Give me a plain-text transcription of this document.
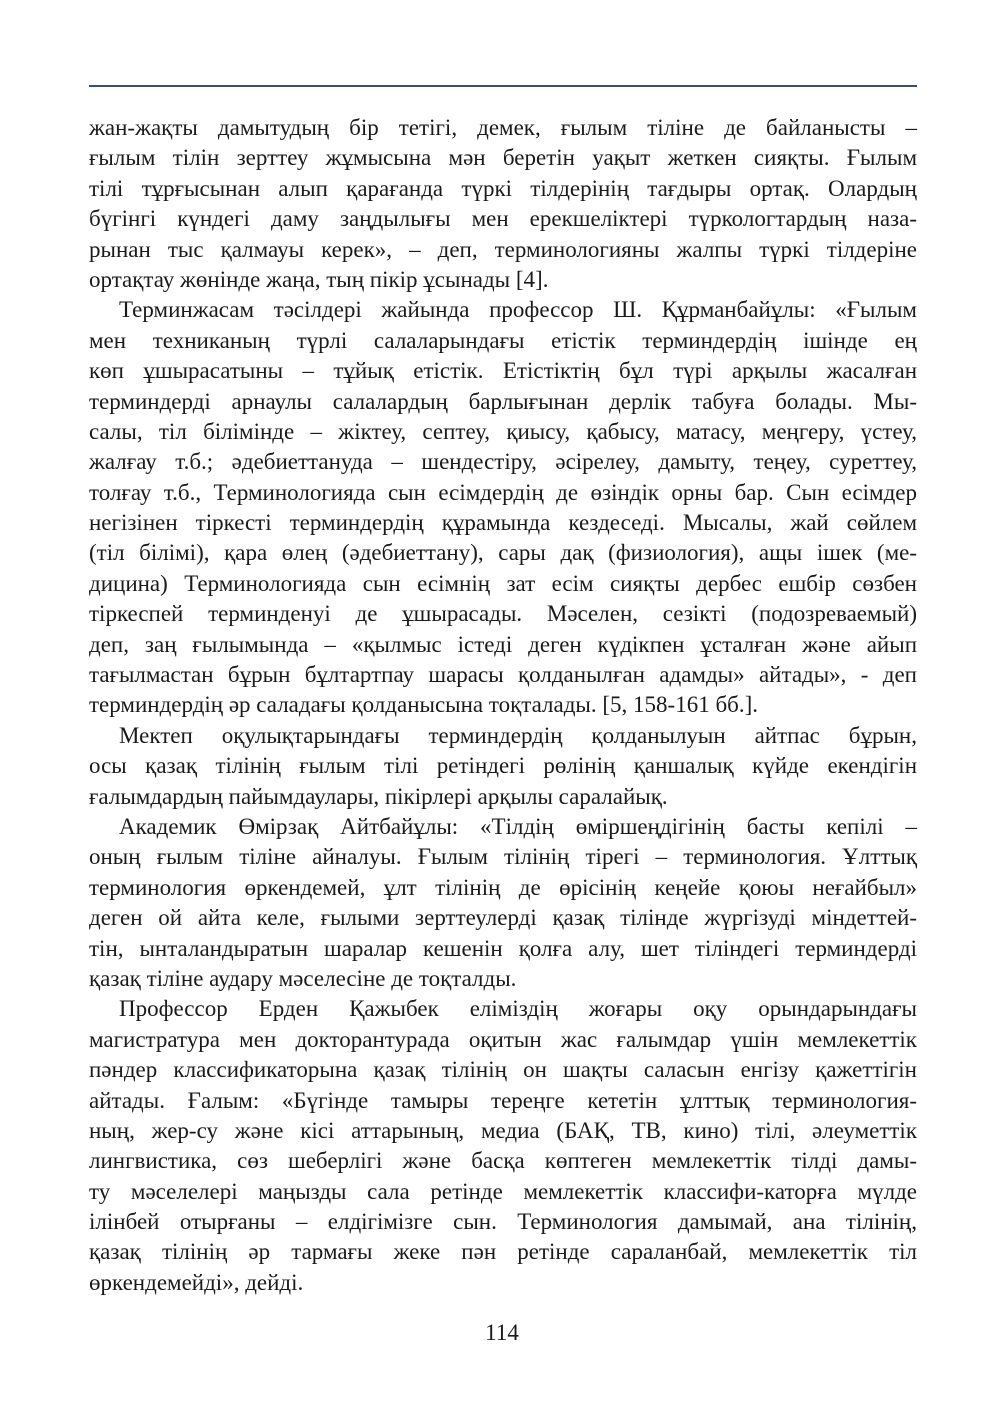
жан-жақты дамытудың бір тетігі, демек, ғылым тіліне де байланысты –
ғылым тілін зерттеу жұмысына мән беретін уақыт жеткен сияқты. Ғылым
тілі тұрғысынан алып қарағанда түркі тілдерінің тағдыры ортақ. Олардың
бүгінгі күндегі даму заңдылығы мен ерекшеліктері түркологтардың наза-
рынан тыс қалмауы керек», – деп, терминологияны жалпы түркі тілдеріне
ортақтау жөнінде жаңа, тың пікір ұсынады [4].
Терминжасам тәсілдері жайында профессор Ш. Құрманбайұлы: «Ғылым
мен техниканың түрлі салаларындағы етістік терминдердің ішінде ең
көп ұшырасатыны – тұйық етістік. Етістіктің бұл түрі арқылы жасалған
терминдерді арнаулы салалардың барлығынан дерлік табуға болады. Мы-
салы, тіл білімінде – жіктеу, септеу, қиысу, қабысу, матасу, меңгеру, үстеу,
жалғау т.б.; әдебиеттануда – шендестіру, әсірелеу, дамыту, теңеу, суреттеу,
толғау т.б., Терминологияда сын есімдердің де өзіндік орны бар. Сын есімдер
негізінен тіркесті терминдердің құрамында кездеседі. Мысалы, жай сөйлем
(тіл білімі), қара өлең (әдебиеттану), сары дақ (физиология), ащы ішек (ме-
дицина) Терминологияда сын есімнің зат есім сияқты дербес ешбір сөзбен
тіркеспей терминденуі де ұшырасады. Мәселен, сезікті (подозреваемый)
деп, заң ғылымында – «қылмыс істеді деген күдікпен ұсталған және айып
тағылмастан бұрын бұлтартпау шарасы қолданылған адамды» айтады», - деп
терминдердің әр саладағы қолданысына тоқталады. [5, 158-161 бб.].
Мектеп оқулықтарындағы терминдердің қолданылуын айтпас бұрын,
осы қазақ тілінің ғылым тілі ретіндегі рөлінің қаншалық күйде екендігін
ғалымдардың пайымдаулары, пікірлері арқылы саралайық.
Академик Өмірзақ Айтбайұлы: «Тілдің өміршеңдігінің басты кепілі –
оның ғылым тіліне айналуы. Ғылым тілінің тірегі – терминология. Ұлттық
терминология өркендемей, ұлт тілінің де өрісінің кеңейе қоюы неғайбыл»
деген ой айта келе, ғылыми зерттеулерді қазақ тілінде жүргізуді міндеттей-
тін, ынталандыратын шаралар кешенін қолға алу, шет тіліндегі терминдерді
қазақ тіліне аудару мәселесіне де тоқталды.
Профессор Ерден Қажыбек еліміздің жоғары оқу орындарындағы
магистратура мен докторантурада оқитын жас ғалымдар үшін мемлекеттік
пәндер классификаторына қазақ тілінің он шақты саласын енгізу қажеттігін
айтады. Ғалым: «Бүгінде тамыры тереңге кететін ұлттық терминология-
ның, жер-су және кісі аттарының, медиа (БАҚ, ТВ, кино) тілі, әлеуметтік
лингвистика, сөз шеберлігі және басқа көптеген мемлекеттік тілді дамы-
ту мәселелері маңызды сала ретінде мемлекеттік классифи-каторға мүлде
ілінбей отырғаны – елдігімізге сын. Терминология дамымай, ана тілінің,
қазақ тілінің әр тармағы жеке пән ретінде сараланбай, мемлекеттік тіл
өркендемейді», дейді.
114
